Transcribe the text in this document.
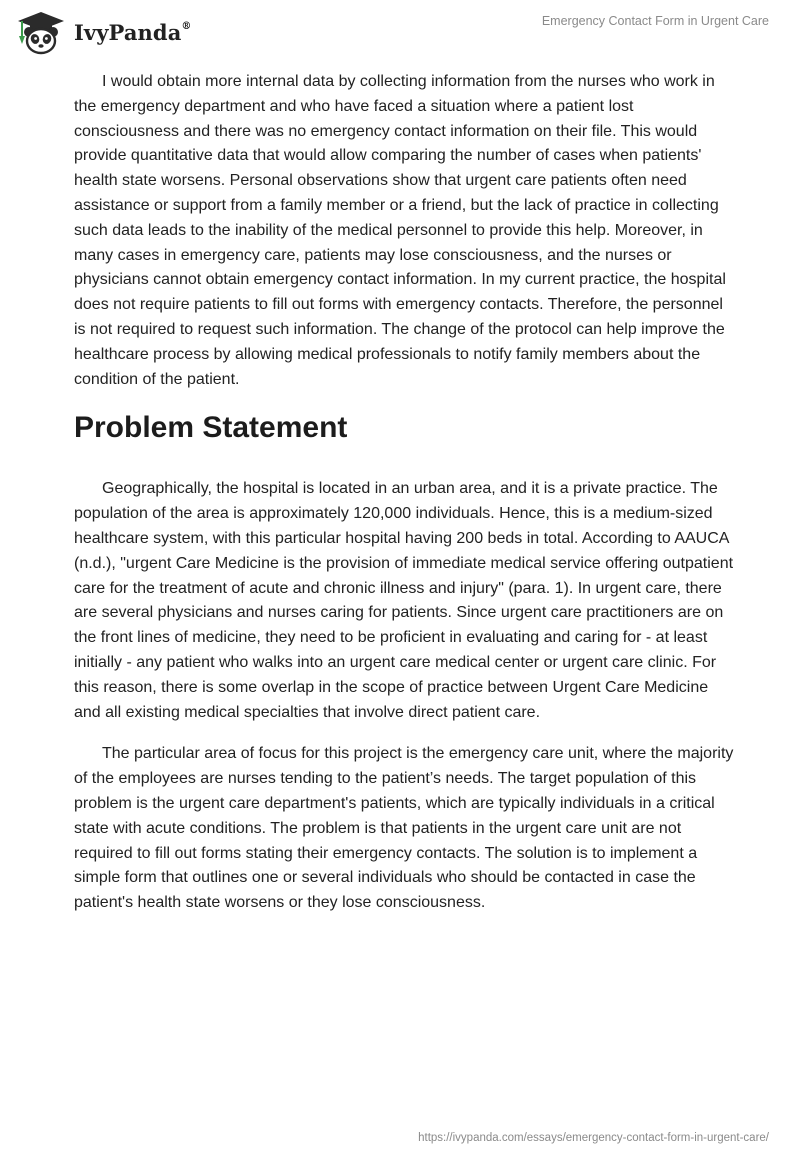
IvyPanda®	Emergency Contact Form in Urgent Care

I would obtain more internal data by collecting information from the nurses who work in the emergency department and who have faced a situation where a patient lost consciousness and there was no emergency contact information on their file. This would provide quantitative data that would allow comparing the number of cases when patients' health state worsens. Personal observations show that urgent care patients often need assistance or support from a family member or a friend, but the lack of practice in collecting such data leads to the inability of the medical personnel to provide this help. Moreover, in many cases in emergency care, patients may lose consciousness, and the nurses or physicians cannot obtain emergency contact information. In my current practice, the hospital does not require patients to fill out forms with emergency contacts. Therefore, the personnel is not required to request such information. The change of the protocol can help improve the healthcare process by allowing medical professionals to notify family members about the condition of the patient.

Problem Statement

Geographically, the hospital is located in an urban area, and it is a private practice. The population of the area is approximately 120,000 individuals. Hence, this is a medium-sized healthcare system, with this particular hospital having 200 beds in total. According to AAUCA (n.d.), "urgent Care Medicine is the provision of immediate medical service offering outpatient care for the treatment of acute and chronic illness and injury" (para. 1). In urgent care, there are several physicians and nurses caring for patients. Since urgent care practitioners are on the front lines of medicine, they need to be proficient in evaluating and caring for - at least initially - any patient who walks into an urgent care medical center or urgent care clinic. For this reason, there is some overlap in the scope of practice between Urgent Care Medicine and all existing medical specialties that involve direct patient care.

The particular area of focus for this project is the emergency care unit, where the majority of the employees are nurses tending to the patient’s needs. The target population of this problem is the urgent care department's patients, which are typically individuals in a critical state with acute conditions. The problem is that patients in the urgent care unit are not required to fill out forms stating their emergency contacts. The solution is to implement a simple form that outlines one or several individuals who should be contacted in case the patient's health state worsens or they lose consciousness.

https://ivypanda.com/essays/emergency-contact-form-in-urgent-care/
